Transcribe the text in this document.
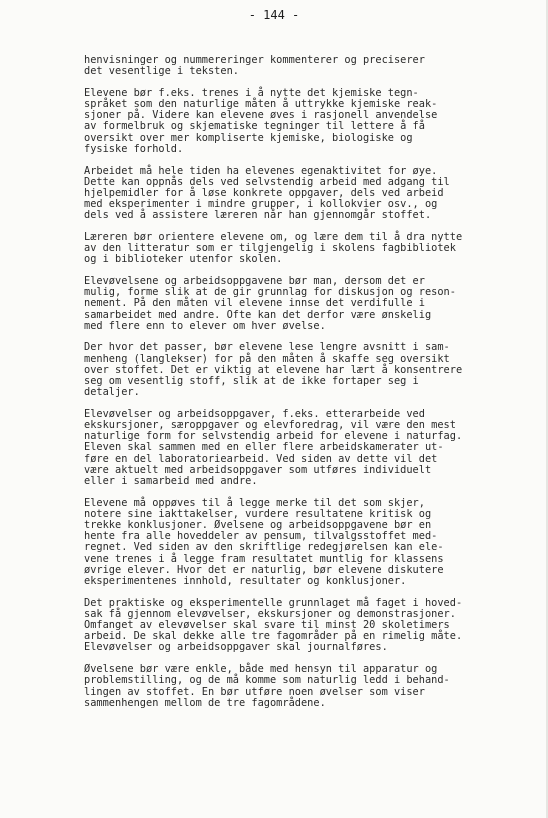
- 144 -
henvisninger og nummereringer kommenterer og preciserer
det vesentlige i teksten.
Elevene bør f.eks. trenes i å nytte det kjemiske tegn-
språket som den naturlige måten å uttrykke kjemiske reak-
sjoner på. Videre kan elevene øves i rasjonell anvendelse
av formelbruk og skjematiske tegninger til lettere å få
oversikt over mer kompliserte kjemiske, biologiske og
fysiske forhold.
Arbeidet må hele tiden ha elevenes egenaktivitet for øye.
Dette kan oppnås dels ved selvstendig arbeid med adgang til
hjelpemidler for å løse konkrete oppgaver, dels ved arbeid
med eksperimenter i mindre grupper, i kollokvier osv., og
dels ved å assistere læreren når han gjennomgår stoffet.
Læreren bør orientere elevene om, og lære dem til å dra nytte
av den litteratur som er tilgjengelig i skolens fagbibliotek
og i biblioteker utenfor skolen.
Elevøvelsene og arbeidsoppgavene bør man, dersom det er
mulig, forme slik at de gir grunnlag for diskusjon og reson-
nement. På den måten vil elevene innse det verdifulle i
samarbeidet med andre. Ofte kan det derfor være ønskelig
med flere enn to elever om hver øvelse.
Der hvor det passer, bør elevene lese lengre avsnitt i sam-
menheng (langlekser) for på den måten å skaffe seg oversikt
over stoffet. Det er viktig at elevene har lært å konsentrere
seg om vesentlig stoff, slik at de ikke fortaper seg i
detaljer.
Elevøvelser og arbeidsoppgaver, f.eks. etterarbeide ved
ekskursjoner, særoppgaver og elevforedrag, vil være den mest
naturlige form for selvstendig arbeid for elevene i naturfag.
Eleven skal sammen med en eller flere arbeidskamerater ut-
føre en del laboratoriearbeid. Ved siden av dette vil det
være aktuelt med arbeidsoppgaver som utføres individuelt
eller i samarbeid med andre.
Elevene må oppøves til å legge merke til det som skjer,
notere sine iakttakelser, vurdere resultatene kritisk og
trekke konklusjoner. Øvelsene og arbeidsoppgavene bør en
hente fra alle hoveddeler av pensum, tilvalgsstoffet med-
regnet. Ved siden av den skriftlige redegjørelsen kan ele-
vene trenes i å legge fram resultatet muntlig for klassens
øvrige elever. Hvor det er naturlig, bør elevene diskutere
eksperimentenes innhold, resultater og konklusjoner.
Det praktiske og eksperimentelle grunnlaget må faget i hoved-
sak få gjennom elevøvelser, ekskursjoner og demonstrasjoner.
Omfanget av elevøvelser skal svare til minst 20 skoletimers
arbeid. De skal dekke alle tre fagområder på en rimelig måte.
Elevøvelser og arbeidsoppgaver skal journalføres.
Øvelsene bør være enkle, både med hensyn til apparatur og
problemstilling, og de må komme som naturlig ledd i behand-
lingen av stoffet. En bør utføre noen øvelser som viser
sammenhengen mellom de tre fagområdene.
